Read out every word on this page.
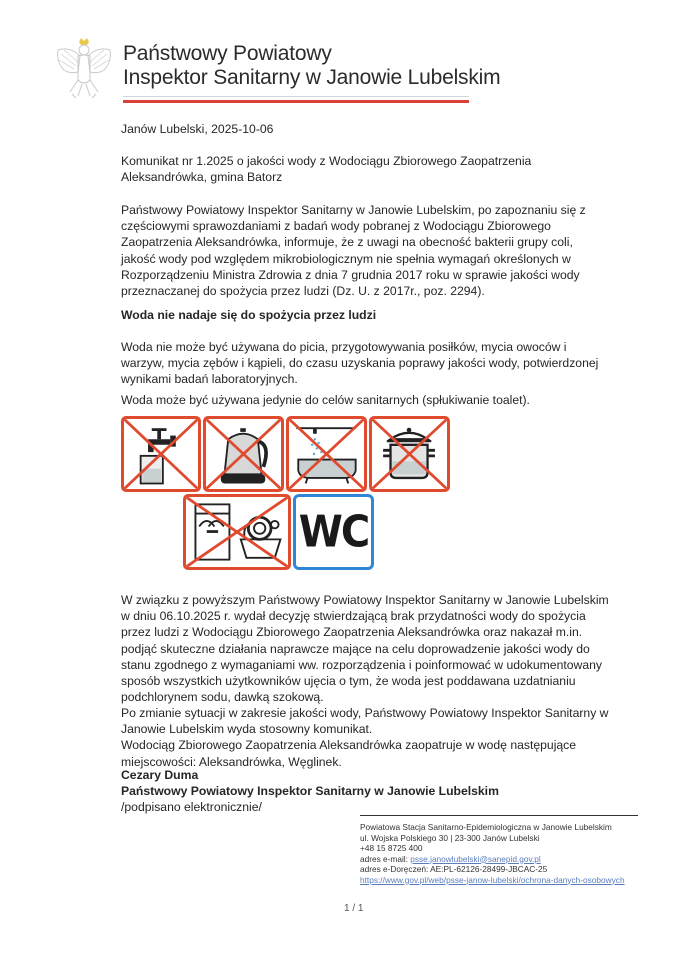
Państwowy Powiatowy
Inspektor Sanitarny w Janowie Lubelskim
Janów Lubelski, 2025-10-06
Komunikat nr 1.2025 o jakości wody z Wodociągu Zbiorowego Zaopatrzenia Aleksandrówka, gmina Batorz
Państwowy Powiatowy Inspektor Sanitarny w Janowie Lubelskim, po zapoznaniu się z częściowymi sprawozdaniami z badań wody pobranej z Wodociągu Zbiorowego Zaopatrzenia Aleksandrówka, informuje, że z uwagi na obecność bakterii grupy coli, jakość wody pod względem mikrobiologicznym nie spełnia wymagań określonych w Rozporządzeniu Ministra Zdrowia z dnia 7 grudnia 2017 roku w sprawie jakości wody przeznaczanej do spożycia przez ludzi (Dz. U. z 2017r., poz. 2294).
Woda nie nadaje się do spożycia przez ludzi
Woda nie może być używana do picia, przygotowywania posiłków, mycia owoców i warzyw, mycia zębów i kąpieli, do czasu uzyskania poprawy jakości wody, potwierdzonej wynikami badań laboratoryjnych.
Woda może być używana jedynie do celów sanitarnych (spłukiwanie toalet).
WC
W związku z powyższym Państwowy Powiatowy Inspektor Sanitarny w Janowie Lubelskim w dniu 06.10.2025 r. wydał decyzję stwierdzającą brak przydatności wody do spożycia przez ludzi z Wodociągu Zbiorowego Zaopatrzenia Aleksandrówka oraz nakazał m.in. podjąć skuteczne działania naprawcze mające na celu doprowadzenie jakości wody do stanu zgodnego z wymaganiami ww. rozporządzenia i poinformować w udokumentowany sposób wszystkich użytkowników ujęcia o tym, że woda jest poddawana uzdatnianiu podchlorynem sodu, dawką szokową.
Po zmianie sytuacji w zakresie jakości wody, Państwowy Powiatowy Inspektor Sanitarny w Janowie Lubelskim wyda stosowny komunikat.
Wodociąg Zbiorowego Zaopatrzenia Aleksandrówka zaopatruje w wodę następujące miejscowości: Aleksandrówka, Węglinek.
Cezary Duma
Państwowy Powiatowy Inspektor Sanitarny w Janowie Lubelskim
/podpisano elektronicznie/
Powiatowa Stacja Sanitarno-Epidemiologiczna w Janowie Lubelskim
ul. Wojska Polskiego 30 | 23-300 Janów Lubelski
+48 15 8725 400
adres e-mail: psse.janowlubelski@sanepid.gov.pl
adres e-Doręczeń: AE:PL-62126-28499-JBCAC-25
https://www.gov.pl/web/psse-janow-lubelski/ochrona-danych-osobowych
1 / 1
